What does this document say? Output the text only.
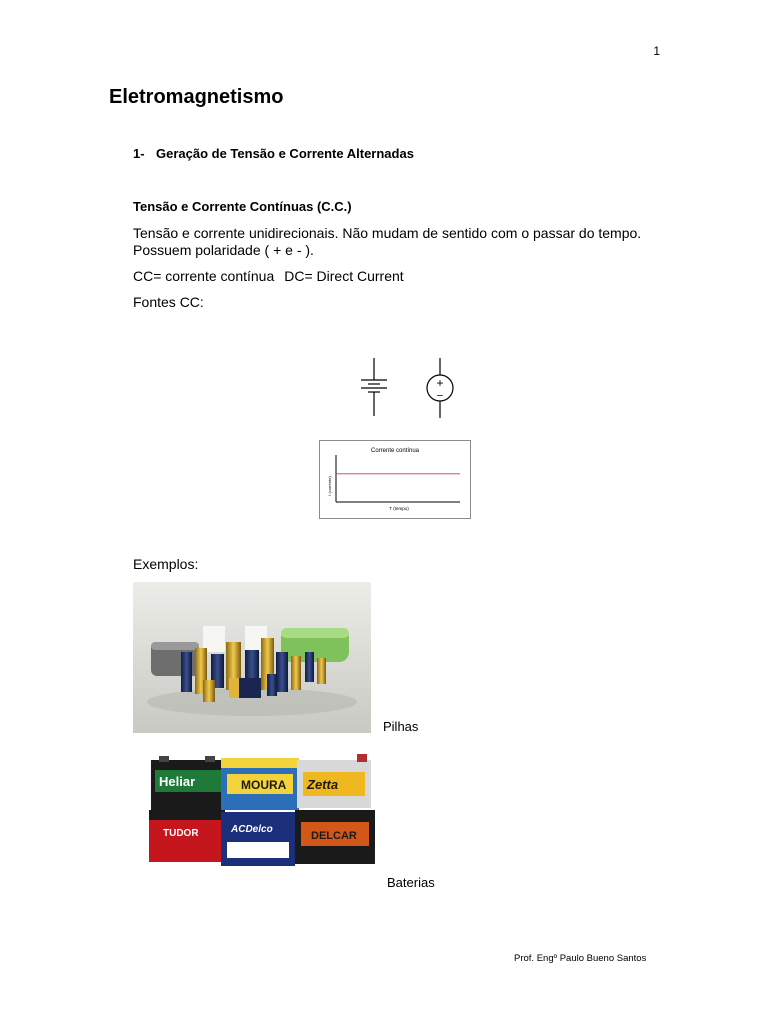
1
Eletromagnetismo
1- Geração de Tensão e Corrente Alternadas
Tensão e Corrente Contínuas (C.C.)
Tensão e corrente unidirecionais. Não mudam de sentido com o passar do tempo.
Possuem polaridade ( + e - ).
CC= corrente contínua DC= Direct Current
Fontes CC:
+
−
Corrente contínua
I (corrente)
T (tempo)
Exemplos:
Pilhas
Heliar	MOURA Zetta
TUDOR	ACDelco
DELCAR
Baterias
Prof. Engº Paulo Bueno Santos
